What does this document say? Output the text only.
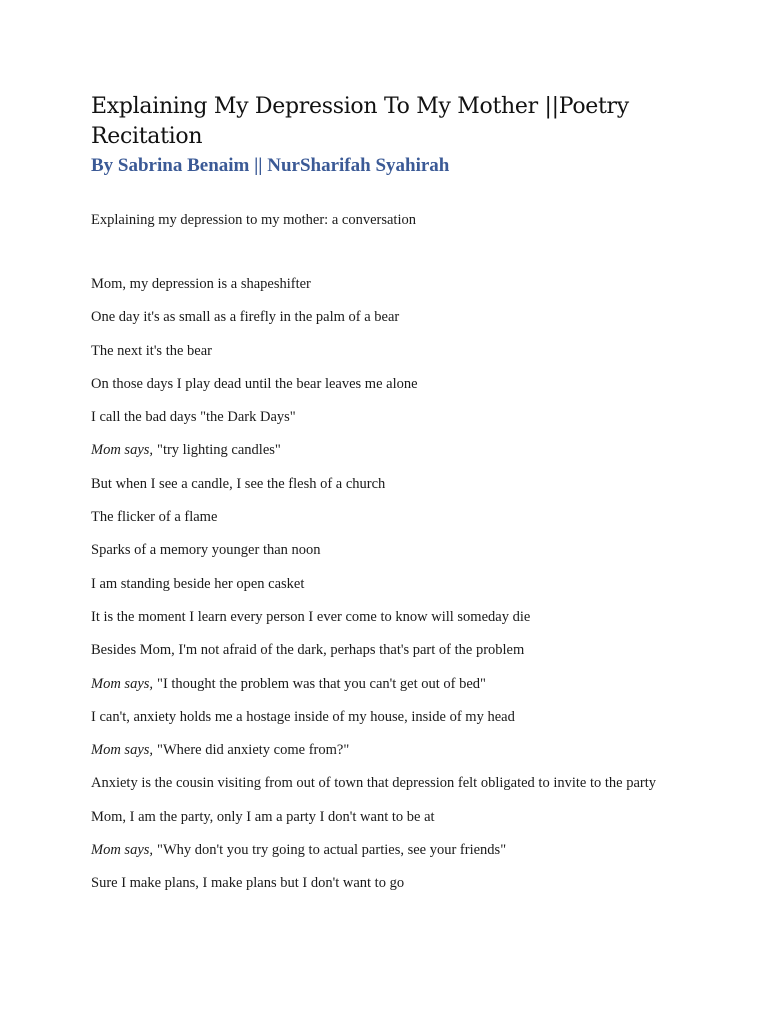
Explaining My Depression To My Mother ||Poetry Recitation
By Sabrina Benaim || NurSharifah Syahirah
Explaining my depression to my mother: a conversation
Mom, my depression is a shapeshifter
One day it's as small as a firefly in the palm of a bear
The next it's the bear
On those days I play dead until the bear leaves me alone
I call the bad days "the Dark Days"
Mom says, "try lighting candles"
But when I see a candle, I see the flesh of a church
The flicker of a flame
Sparks of a memory younger than noon
I am standing beside her open casket
It is the moment I learn every person I ever come to know will someday die
Besides Mom, I'm not afraid of the dark, perhaps that's part of the problem
Mom says, "I thought the problem was that you can't get out of bed"
I can't, anxiety holds me a hostage inside of my house, inside of my head
Mom says, "Where did anxiety come from?"
Anxiety is the cousin visiting from out of town that depression felt obligated to invite to the party
Mom, I am the party, only I am a party I don't want to be at
Mom says, "Why don't you try going to actual parties, see your friends"
Sure I make plans, I make plans but I don't want to go
